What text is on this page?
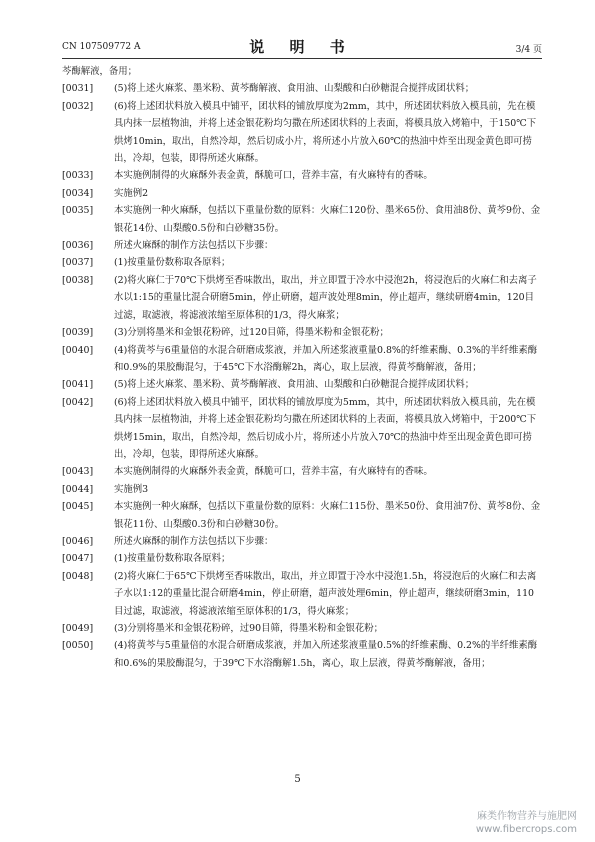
CN 107509772 A	说 明 书	3/4 页
芩酶解液，备用；
[0031] (5)将上述火麻浆、墨米粉、黄芩酶解液、食用油、山梨酸和白砂糖混合搅拌成团状料；
[0032] (6)将上述团状料放入模具中铺平，团状料的铺放厚度为2mm，其中，所述团状料放入模具前，先在模具内抹一层植物油，并将上述金银花粉均匀撒在所述团状料的上表面，将模具放入烤箱中，于150℃下烘烤10min，取出，自然冷却，然后切成小片，将所述小片放入60℃的热油中炸至出现金黄色即可捞出，冷却，包装，即得所述火麻酥。
[0033] 本实施例制得的火麻酥外表金黄，酥脆可口，营养丰富，有火麻特有的香味。
[0034] 实施例2
[0035] 本实施例一种火麻酥，包括以下重量份数的原料：火麻仁120份、墨米65份、食用油8份、黄芩9份、金银花14份、山梨酸0.5份和白砂糖35份。
[0036] 所述火麻酥的制作方法包括以下步骤：
[0037] (1)按重量份数称取各原料；
[0038] (2)将火麻仁于70℃下烘烤至香味散出，取出，并立即置于冷水中浸泡2h，将浸泡后的火麻仁和去离子水以1:15的重量比混合研磨5min，停止研磨，超声波处理8min，停止超声，继续研磨4min，120目过滤，取滤液，将滤液浓缩至原体积的1/3，得火麻浆；
[0039] (3)分别将墨米和金银花粉碎，过120目筛，得墨米粉和金银花粉；
[0040] (4)将黄芩与6重量倍的水混合研磨成浆液，并加入所述浆液重量0.8%的纤维素酶、0.3%的半纤维素酶和0.9%的果胶酶混匀，于45℃下水浴酶解2h，离心，取上层液，得黄芩酶解液，备用；
[0041] (5)将上述火麻浆、墨米粉、黄芩酶解液、食用油、山梨酸和白砂糖混合搅拌成团状料；
[0042] (6)将上述团状料放入模具中铺平，团状料的铺放厚度为5mm，其中，所述团状料放入模具前，先在模具内抹一层植物油，并将上述金银花粉均匀撒在所述团状料的上表面，将模具放入烤箱中，于200℃下烘烤15min，取出，自然冷却，然后切成小片，将所述小片放入70℃的热油中炸至出现金黄色即可捞出，冷却，包装，即得所述火麻酥。
[0043] 本实施例制得的火麻酥外表金黄，酥脆可口，营养丰富，有火麻特有的香味。
[0044] 实施例3
[0045] 本实施例一种火麻酥，包括以下重量份数的原料：火麻仁115份、墨米50份、食用油7份、黄芩8份、金银花11份、山梨酸0.3份和白砂糖30份。
[0046] 所述火麻酥的制作方法包括以下步骤：
[0047] (1)按重量份数称取各原料；
[0048] (2)将火麻仁于65℃下烘烤至香味散出，取出，并立即置于冷水中浸泡1.5h，将浸泡后的火麻仁和去离子水以1:12的重量比混合研磨4min，停止研磨，超声波处理6min，停止超声，继续研磨3min，110目过滤，取滤液，将滤液浓缩至原体积的1/3，得火麻浆；
[0049] (3)分别将墨米和金银花粉碎，过90目筛，得墨米粉和金银花粉；
[0050] (4)将黄芩与5重量倍的水混合研磨成浆液，并加入所述浆液重量0.5%的纤维素酶、0.2%的半纤维素酶和0.6%的果胶酶混匀，于39℃下水浴酶解1.5h，离心，取上层液，得黄芩酶解液，备用；
5
麻类作物营养与施肥网
www.fibercrops.com
